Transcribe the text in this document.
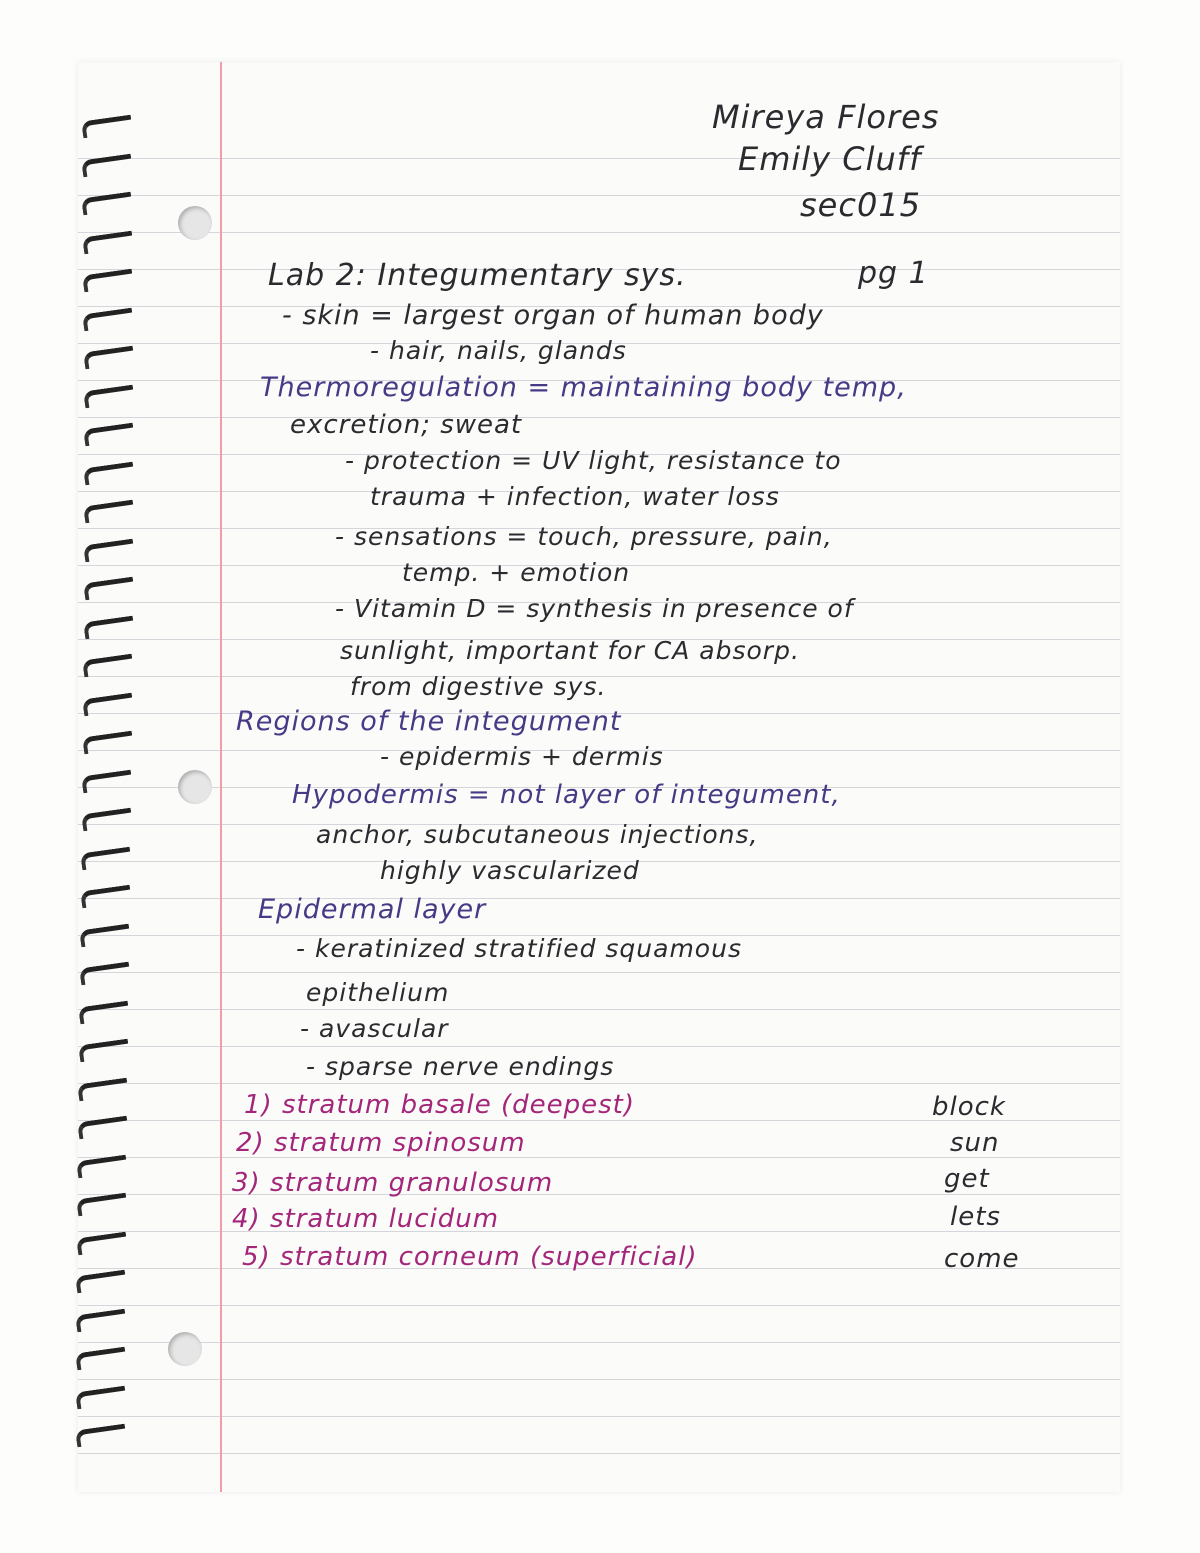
Mireya Flores
Emily Cluff
sec015
Lab 2: Integumentary sys.	pg 1
- skin = largest organ of human body
- hair, nails, glands
Thermoregulation = maintaining body temp,
excretion; sweat
- protection = UV light, resistance to
trauma + infection, water loss
- sensations = touch, pressure, pain,
temp. + emotion
- Vitamin D = synthesis in presence of
sunlight, important for CA absorp.
from digestive sys.
Regions of the integument
- epidermis + dermis
Hypodermis = not layer of integument,
anchor, subcutaneous injections,
highly vascularized
Epidermal layer
- keratinized stratified squamous
epithelium
- avascular
- sparse nerve endings
1) stratum basale (deepest)	block
2) stratum spinosum	sun
3) stratum granulosum	get
4) stratum lucidum	lets
5) stratum corneum (superficial)	come
